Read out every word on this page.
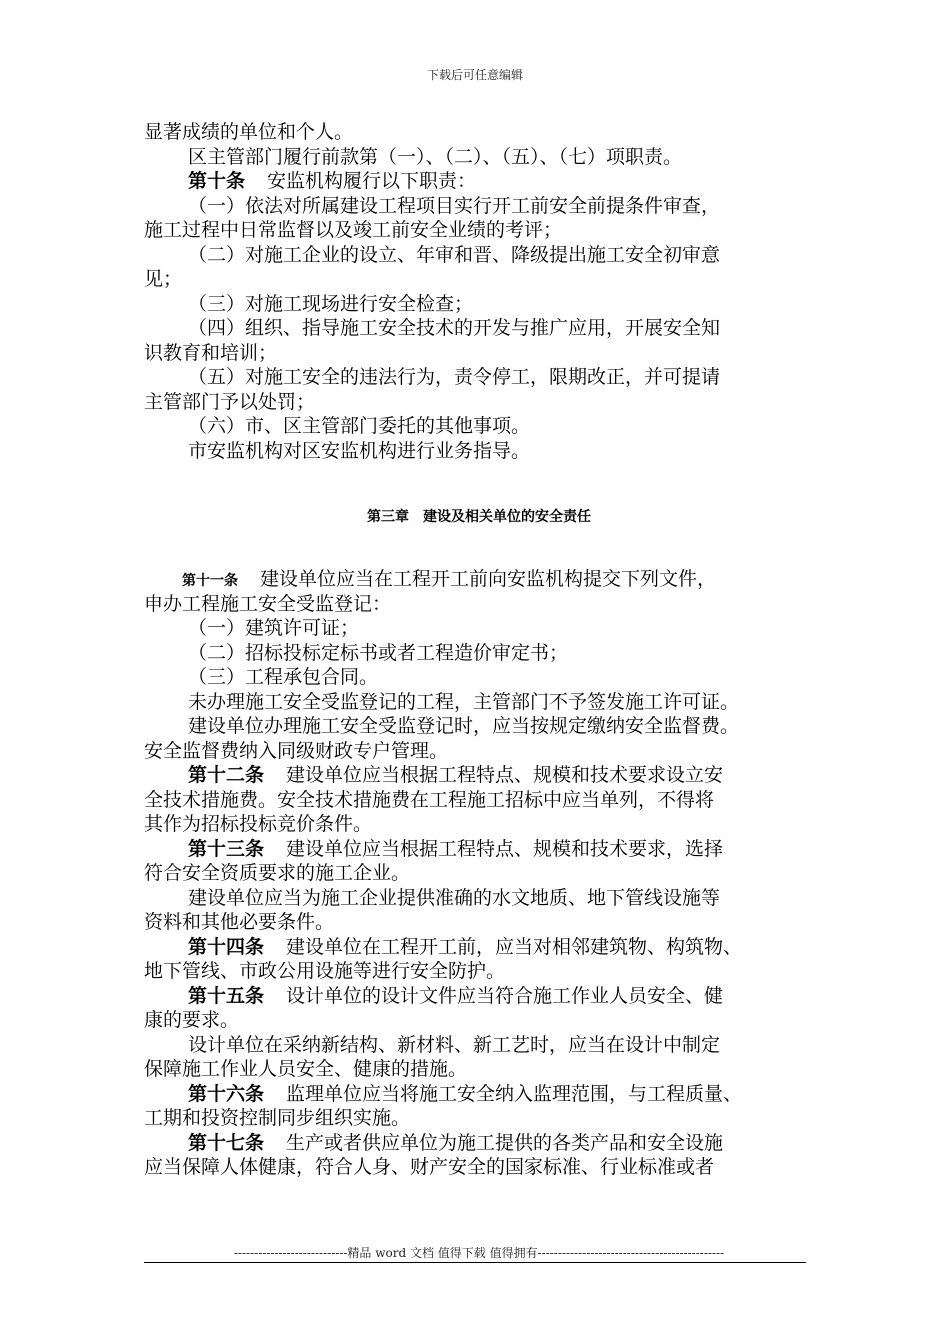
下载后可任意编辑
显著成绩的单位和个人。
区主管部门履行前款第（一）、（二）、（五）、（七）项职责。
第十条 安监机构履行以下职责：
（一）依法对所属建设工程项目实行开工前安全前提条件审查，
施工过程中日常监督以及竣工前安全业绩的考评；
（二）对施工企业的设立、年审和晋、降级提出施工安全初审意
见；
（三）对施工现场进行安全检查；
（四）组织、指导施工安全技术的开发与推广应用，开展安全知
识教育和培训；
（五）对施工安全的违法行为，责令停工，限期改正，并可提请
主管部门予以处罚；
（六）市、区主管部门委托的其他事项。
市安监机构对区安监机构进行业务指导。
第三章　建设及相关单位的安全责任
第十一条 建设单位应当在工程开工前向安监机构提交下列文件，
申办工程施工安全受监登记：
（一）建筑许可证；
（二）招标投标定标书或者工程造价审定书；
（三）工程承包合同。
未办理施工安全受监登记的工程，主管部门不予签发施工许可证。
建设单位办理施工安全受监登记时，应当按规定缴纳安全监督费。
安全监督费纳入同级财政专户管理。
第十二条 建设单位应当根据工程特点、规模和技术要求设立安
全技术措施费。安全技术措施费在工程施工招标中应当单列，不得将
其作为招标投标竞价条件。
第十三条 建设单位应当根据工程特点、规模和技术要求，选择
符合安全资质要求的施工企业。
建设单位应当为施工企业提供准确的水文地质、地下管线设施等
资料和其他必要条件。
第十四条 建设单位在工程开工前，应当对相邻建筑物、构筑物、
地下管线、市政公用设施等进行安全防护。
第十五条 设计单位的设计文件应当符合施工作业人员安全、健
康的要求。
设计单位在采纳新结构、新材料、新工艺时，应当在设计中制定
保障施工作业人员安全、健康的措施。
第十六条 监理单位应当将施工安全纳入监理范围，与工程质量、
工期和投资控制同步组织实施。
第十七条 生产或者供应单位为施工提供的各类产品和安全设施
应当保障人体健康，符合人身、财产安全的国家标准、行业标准或者
----------------------------精品 word 文档 值得下载 值得拥有----------------------------------------------
